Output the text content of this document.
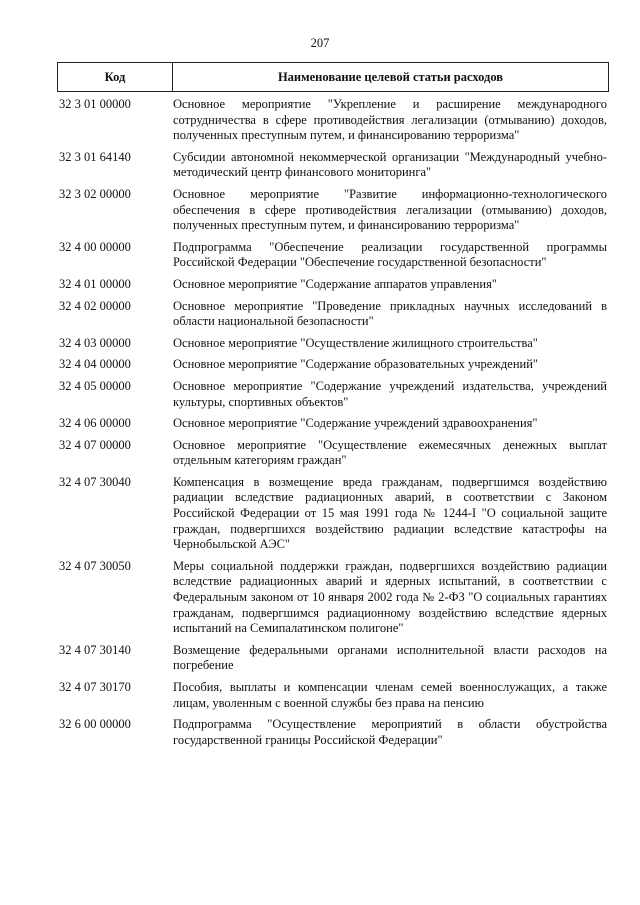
207
Код	Наименование целевой статьи расходов
32 3 01 00000	Основное мероприятие "Укрепление и расширение международного сотрудничества в сфере противодействия легализации (отмыванию) доходов, полученных преступным путем, и финансированию терроризма"
32 3 01 64140	Субсидии автономной некоммерческой организации "Международный учебно-методический центр финансового мониторинга"
32 3 02 00000	Основное мероприятие "Развитие информационно-технологического обеспечения в сфере противодействия легализации (отмыванию) доходов, полученных преступным путем, и финансированию терроризма"
32 4 00 00000	Подпрограмма "Обеспечение реализации государственной программы Российской Федерации "Обеспечение государственной безопасности"
32 4 01 00000	Основное мероприятие "Содержание аппаратов управления"
32 4 02 00000	Основное мероприятие "Проведение прикладных научных исследований в области национальной безопасности"
32 4 03 00000	Основное мероприятие "Осуществление жилищного строительства"
32 4 04 00000	Основное мероприятие "Содержание образовательных учреждений"
32 4 05 00000	Основное мероприятие "Содержание учреждений издательства, учреждений культуры, спортивных объектов"
32 4 06 00000	Основное мероприятие "Содержание учреждений здравоохранения"
32 4 07 00000	Основное мероприятие "Осуществление ежемесячных денежных выплат отдельным категориям граждан"
32 4 07 30040	Компенсация в возмещение вреда гражданам, подвергшимся воздействию радиации вследствие радиационных аварий, в соответствии с Законом Российской Федерации от 15 мая 1991 года № 1244-I "О социальной защите граждан, подвергшихся воздействию радиации вследствие катастрофы на Чернобыльской АЭС"
32 4 07 30050	Меры социальной поддержки граждан, подвергшихся воздействию радиации вследствие радиационных аварий и ядерных испытаний, в соответствии с Федеральным законом от 10 января 2002 года № 2-ФЗ "О социальных гарантиях гражданам, подвергшимся радиационному воздействию вследствие ядерных испытаний на Семипалатинском полигоне"
32 4 07 30140	Возмещение федеральными органами исполнительной власти расходов на погребение
32 4 07 30170	Пособия, выплаты и компенсации членам семей военнослужащих, а также лицам, уволенным с военной службы без права на пенсию
32 6 00 00000	Подпрограмма "Осуществление мероприятий в области обустройства государственной границы Российской Федерации"
